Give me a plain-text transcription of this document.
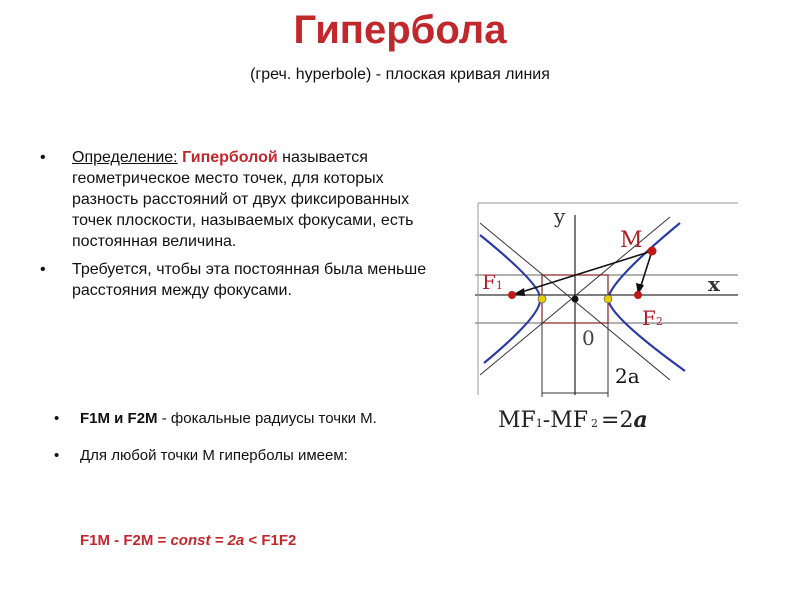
Гипербола
(греч. hyperbole) - плоская кривая линия
• Определение: Гиперболой называется геометрическое место точек, для которых разность расстояний от двух фиксированных точек плоскости, называемых фокусами, есть постоянная величина.
• Требуется, чтобы эта постоянная была меньше расстояния между фокусами.
y
x
M
F1
F2
0
2a
MF1-MF 2 =2a
• F1M и F2M - фокальные радиусы точки М.
• Для любой точки М гиперболы имеем:
F1M - F2M = const = 2a < F1F2
